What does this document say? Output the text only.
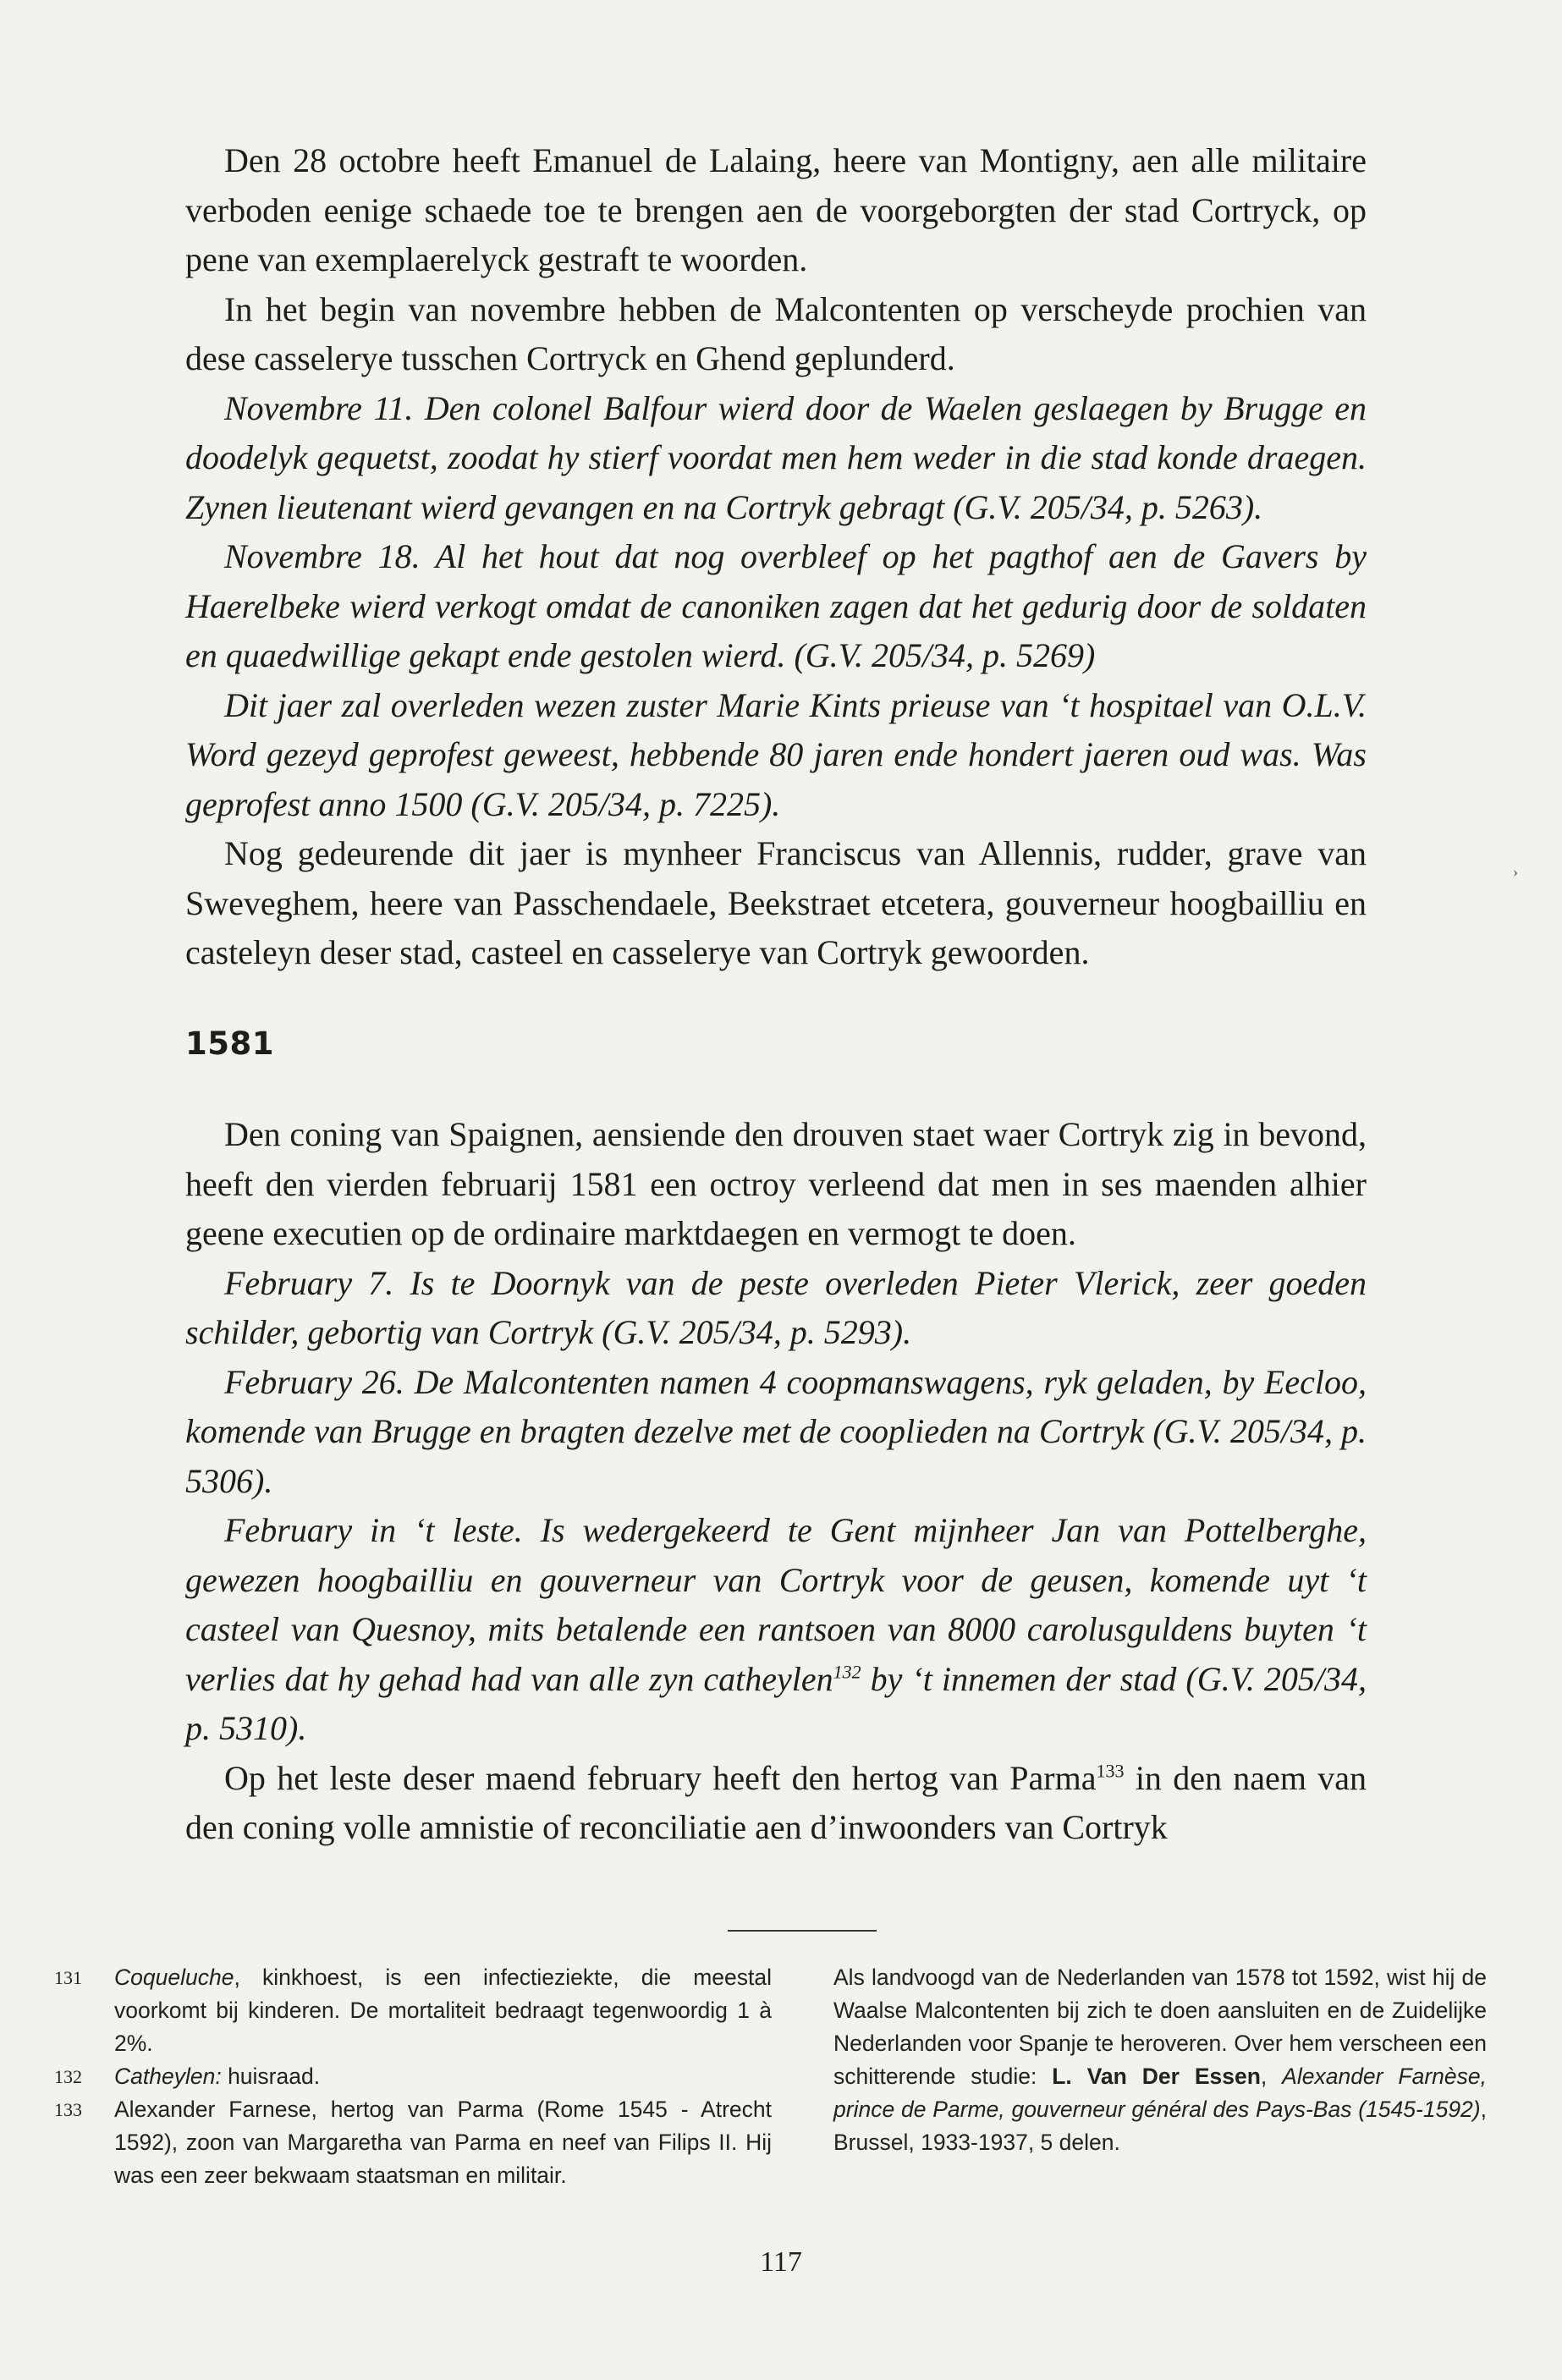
Den 28 octobre heeft Emanuel de Lalaing, heere van Montigny, aen alle militaire verboden eenige schaede toe te brengen aen de voorgeborgten der stad Cortryck, op pene van exemplaerelyck gestraft te woorden.

In het begin van novembre hebben de Malcontenten op verscheyde prochien van dese casselerye tusschen Cortryck en Ghend geplunderd.

Novembre 11. Den colonel Balfour wierd door de Waelen geslaegen by Brugge en doodelyk gequetst, zoodat hy stierf voordat men hem weder in die stad konde draegen. Zynen lieutenant wierd gevangen en na Cortryk gebragt (G.V. 205/34, p. 5263).

Novembre 18. Al het hout dat nog overbleef op het pagthof aen de Gavers by Haerelbeke wierd verkogt omdat de canoniken zagen dat het gedurig door de soldaten en quaedwillige gekapt ende gestolen wierd. (G.V. 205/34, p. 5269)

Dit jaer zal overleden wezen zuster Marie Kints prieuse van ‘t hospitael van O.L.V. Word gezeyd geprofest geweest, hebbende 80 jaren ende hondert jaeren oud was. Was geprofest anno 1500 (G.V. 205/34, p. 7225).

Nog gedeurende dit jaer is mynheer Franciscus van Allennis, rudder, grave van Sweveghem, heere van Passchendaele, Beekstraet etcetera, gouverneur hoogbailliu en casteleyn deser stad, casteel en casselerye van Cortryk gewoorden.

1581

Den coning van Spaignen, aensiende den drouven staet waer Cortryk zig in bevond, heeft den vierden februarij 1581 een octroy verleend dat men in ses maenden alhier geene executien op de ordinaire marktdaegen en vermogt te doen.

February 7. Is te Doornyk van de peste overleden Pieter Vlerick, zeer goeden schilder, gebortig van Cortryk (G.V. 205/34, p. 5293).

February 26. De Malcontenten namen 4 coopmanswagens, ryk geladen, by Eecloo, komende van Brugge en bragten dezelve met de cooplieden na Cortryk (G.V. 205/34, p. 5306).

February in ‘t leste. Is wedergekeerd te Gent mijnheer Jan van Pottelberghe, gewezen hoogbailliu en gouverneur van Cortryk voor de geusen, komende uyt ‘t casteel van Quesnoy, mits betalende een rantsoen van 8000 carolusguldens buyten ‘t verlies dat hy gehad had van alle zyn catheylen$^{132}$ by ‘t innemen der stad (G.V. 205/34, p. 5310).

Op het leste deser maend february heeft den hertog van Parma$^{133}$ in den naem van den coning volle amnistie of reconciliatie aen d’inwoonders van Cortryk

131 Coqueluche, kinkhoest, is een infectieziekte, die meestal voorkomt bij kinderen. De mortaliteit bedraagt tegenwoordig 1 à 2%.
132 Catheylen: huisraad.
133 Alexander Farnese, hertog van Parma (Rome 1545 - Atrecht 1592), zoon van Margaretha van Parma en neef van Filips II. Hij was een zeer bekwaam staatsman en militair.

Als landvoogd van de Nederlanden van 1578 tot 1592, wist hij de Waalse Malcontenten bij zich te doen aansluiten en de Zuidelijke Nederlanden voor Spanje te heroveren. Over hem verscheen een schitterende studie: L. Van Der Essen, Alexander Farnèse, prince de Parme, gouverneur général des Pays-Bas (1545-1592), Brussel, 1933-1937, 5 delen.

117
›
